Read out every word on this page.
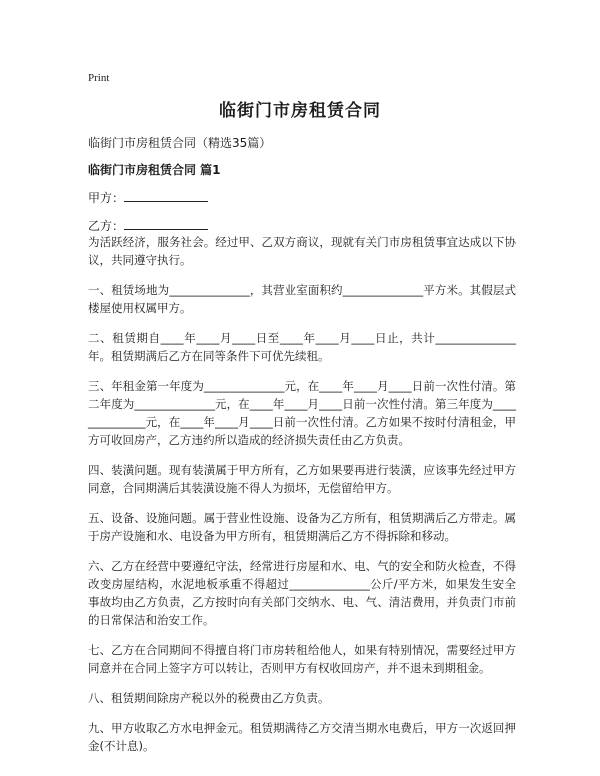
Print
临街门市房租赁合同
临街门市房租赁合同（精选35篇）
临街门市房租赁合同 篇1
甲方：
乙方：

为活跃经济，服务社会。经过甲、乙双方商议，现就有关门市房租赁事宜达成以下协议，共同遵守执行。

一、租赁场地为______________，其营业室面积约______________平方米。其假层式楼屋使用权属甲方。

二、租赁期自____年____月____日至____年____月____日止，共计______________年。租赁期满后乙方在同等条件下可优先续租。

三、年租金第一年度为______________元，在____年____月____日前一次性付清。第二年度为______________元，在____年____月____日前一次性付清。第三年度为______________元，在____年____月____日前一次性付清。乙方如果不按时付清租金，甲方可收回房产，乙方违约所以造成的经济损失责任由乙方负责。

四、装潢问题。现有装潢属于甲方所有，乙方如果要再进行装潢，应该事先经过甲方同意，合同期满后其装潢设施不得人为损坏，无偿留给甲方。

五、设备、设施问题。属于营业性设施、设备为乙方所有，租赁期满后乙方带走。属于房产设施和水、电设备为甲方所有，租赁期满后乙方不得拆除和移动。

六、乙方在经营中要遵纪守法，经常进行房屋和水、电、气的安全和防火检查，不得改变房屋结构，水泥地板承重不得超过______________公斤/平方米，如果发生安全事故均由乙方负责，乙方按时向有关部门交纳水、电、气、清洁费用，并负责门市前的日常保洁和治安工作。

七、乙方在合同期间不得擅自将门市房转租给他人，如果有特别情况，需要经过甲方同意并在合同上签字方可以转让，否则甲方有权收回房产，并不退未到期租金。

八、租赁期间除房产税以外的税费由乙方负责。

九、甲方收取乙方水电押金元。租赁期满待乙方交清当期水电费后，甲方一次返回押金(不计息)。
